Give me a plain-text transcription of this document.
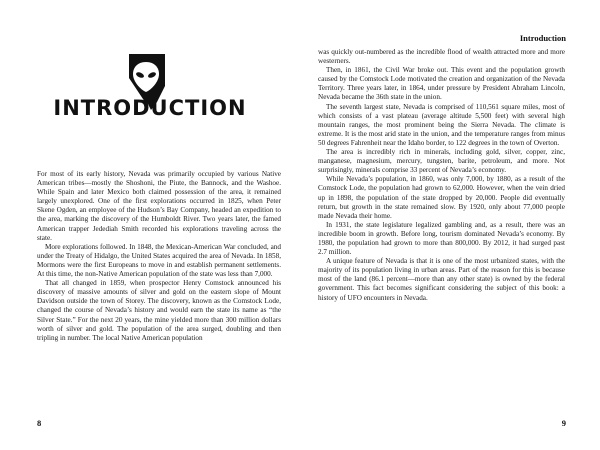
INTRODUCTION

For most of its early history, Nevada was primarily occupied by various Native American tribes—mostly the Shoshoni, the Piute, the Bannock, and the Washoe. While Spain and later Mexico both claimed possession of the area, it remained largely unexplored. One of the first explorations occurred in 1825, when Peter Skene Ogden, an employee of the Hudson’s Bay Company, headed an expedition to the area, marking the discovery of the Humboldt River. Two years later, the famed American trapper Jedediah Smith recorded his explorations traveling across the state.

More explorations followed. In 1848, the Mexican-American War concluded, and under the Treaty of Hidalgo, the United States acquired the area of Nevada. In 1858, Mormons were the first Europeans to move in and establish permanent settlements. At this time, the non-Native American population of the state was less than 7,000.

That all changed in 1859, when prospector Henry Comstock announced his discovery of massive amounts of silver and gold on the eastern slope of Mount Davidson outside the town of Storey. The discovery, known as the Comstock Lode, changed the course of Nevada’s history and would earn the state its name as “the Silver State.” For the next 20 years, the mine yielded more than 300 million dollars worth of silver and gold. The population of the area surged, doubling and then tripling in number. The local Native American population

8
Introduction

was quickly out-numbered as the incredible flood of wealth attracted more and more westerners.

Then, in 1861, the Civil War broke out. This event and the population growth caused by the Comstock Lode motivated the creation and organization of the Nevada Territory. Three years later, in 1864, under pressure by President Abraham Lincoln, Nevada became the 36th state in the union.

The seventh largest state, Nevada is comprised of 110,561 square miles, most of which consists of a vast plateau (average altitude 5,500 feet) with several high mountain ranges, the most prominent being the Sierra Nevada. The climate is extreme. It is the most arid state in the union, and the temperature ranges from minus 50 degrees Fahrenheit near the Idaho border, to 122 degrees in the town of Overton.

The area is incredibly rich in minerals, including gold, silver, copper, zinc, manganese, magnesium, mercury, tungsten, barite, petroleum, and more. Not surprisingly, minerals comprise 33 percent of Nevada’s economy.

While Nevada’s population, in 1860, was only 7,000, by 1880, as a result of the Comstock Lode, the population had grown to 62,000. However, when the vein dried up in 1898, the population of the state dropped by 20,000. People did eventually return, but growth in the state remained slow. By 1920, only about 77,000 people made Nevada their home.

In 1931, the state legislature legalized gambling and, as a result, there was an incredible boom in growth. Before long, tourism dominated Nevada’s economy. By 1980, the population had grown to more than 800,000. By 2012, it had surged past 2.7 million.

A unique feature of Nevada is that it is one of the most urbanized states, with the majority of its population living in urban areas. Part of the reason for this is because most of the land (86.1 percent—more than any other state) is owned by the federal government. This fact becomes significant considering the subject of this book: a history of UFO encounters in Nevada.

9
